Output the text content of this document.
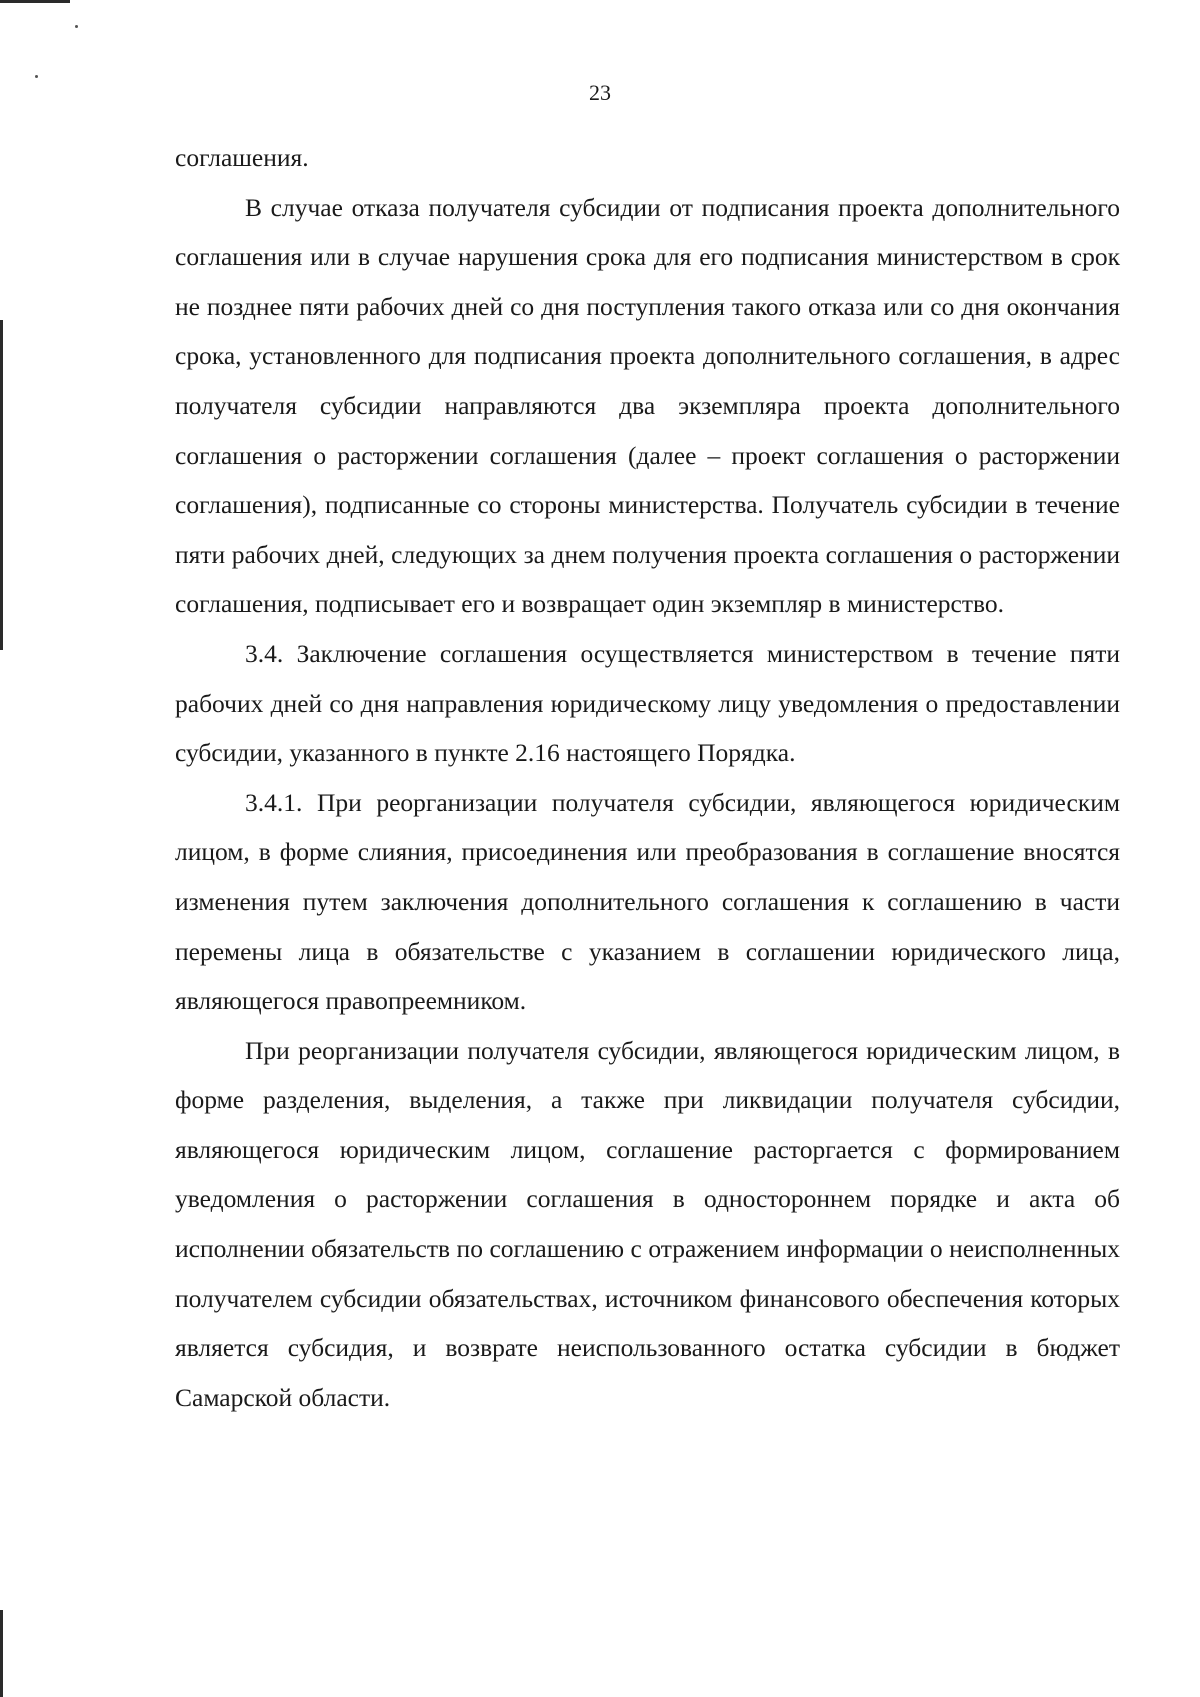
23

соглашения.

В случае отказа получателя субсидии от подписания проекта дополнительного соглашения или в случае нарушения срока для его подписания министерством в срок не позднее пяти рабочих дней со дня поступления такого отказа или со дня окончания срока, установленного для подписания проекта дополнительного соглашения, в адрес получателя субсидии направляются два экземпляра проекта дополнительного соглашения о расторжении соглашения (далее – проект соглашения о расторжении соглашения), подписанные со стороны министерства. Получатель субсидии в течение пяти рабочих дней, следующих за днем получения проекта соглашения о расторжении соглашения, подписывает его и возвращает один экземпляр в министерство.

3.4. Заключение соглашения осуществляется министерством в течение пяти рабочих дней со дня направления юридическому лицу уведомления о предоставлении субсидии, указанного в пункте 2.16 настоящего Порядка.

3.4.1. При реорганизации получателя субсидии, являющегося юридическим лицом, в форме слияния, присоединения или преобразования в соглашение вносятся изменения путем заключения дополнительного соглашения к соглашению в части перемены лица в обязательстве с указанием в соглашении юридического лица, являющегося правопреемником.

При реорганизации получателя субсидии, являющегося юридическим лицом, в форме разделения, выделения, а также при ликвидации получателя субсидии, являющегося юридическим лицом, соглашение расторгается с формированием уведомления о расторжении соглашения в одностороннем порядке и акта об исполнении обязательств по соглашению с отражением информации о неисполненных получателем субсидии обязательствах, источником финансового обеспечения которых является субсидия, и возврате неиспользованного остатка субсидии в бюджет Самарской области.
